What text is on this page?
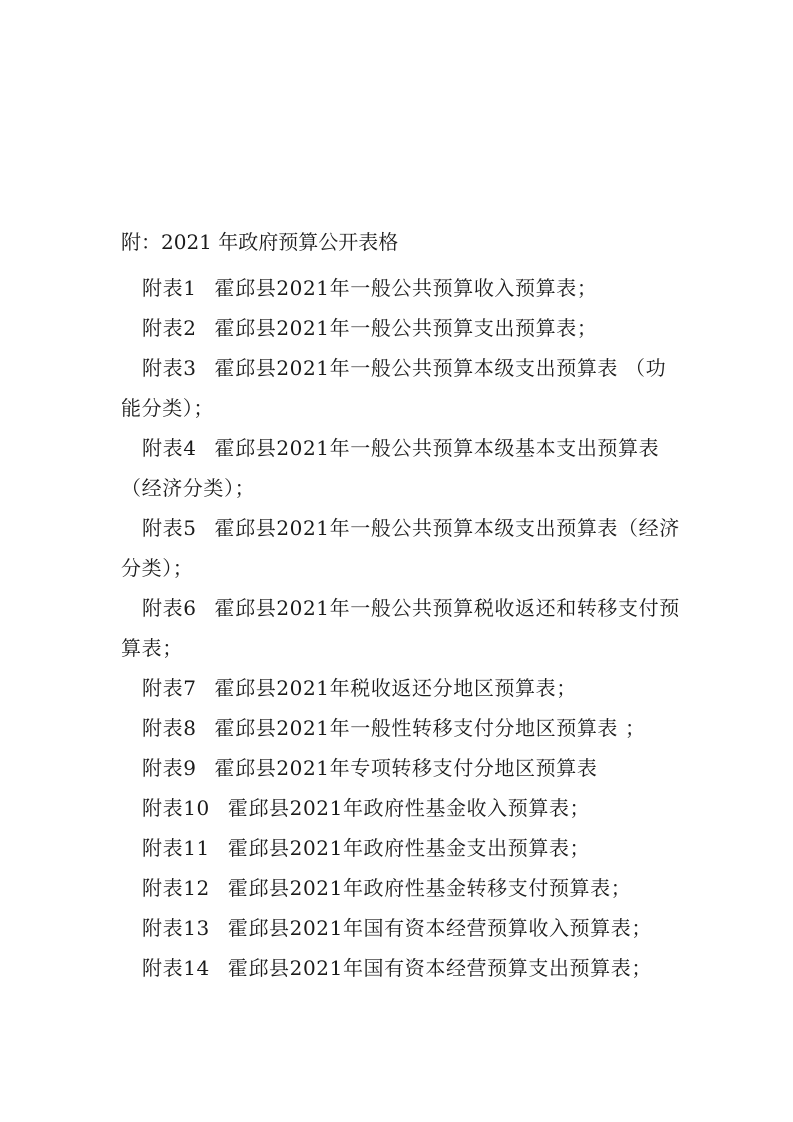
附：2021 年政府预算公开表格
附表1 霍邱县2021年一般公共预算收入预算表；
附表2 霍邱县2021年一般公共预算支出预算表；
附表3 霍邱县2021年一般公共预算本级支出预算表 （功能分类）；
附表4 霍邱县2021年一般公共预算本级基本支出预算表（经济分类）；
附表5 霍邱县2021年一般公共预算本级支出预算表（经济分类）；
附表6 霍邱县2021年一般公共预算税收返还和转移支付预算表；
附表7 霍邱县2021年税收返还分地区预算表；
附表8 霍邱县2021年一般性转移支付分地区预算表 ；
附表9 霍邱县2021年专项转移支付分地区预算表
附表10 霍邱县2021年政府性基金收入预算表；
附表11 霍邱县2021年政府性基金支出预算表；
附表12 霍邱县2021年政府性基金转移支付预算表；
附表13 霍邱县2021年国有资本经营预算收入预算表；
附表14 霍邱县2021年国有资本经营预算支出预算表；
